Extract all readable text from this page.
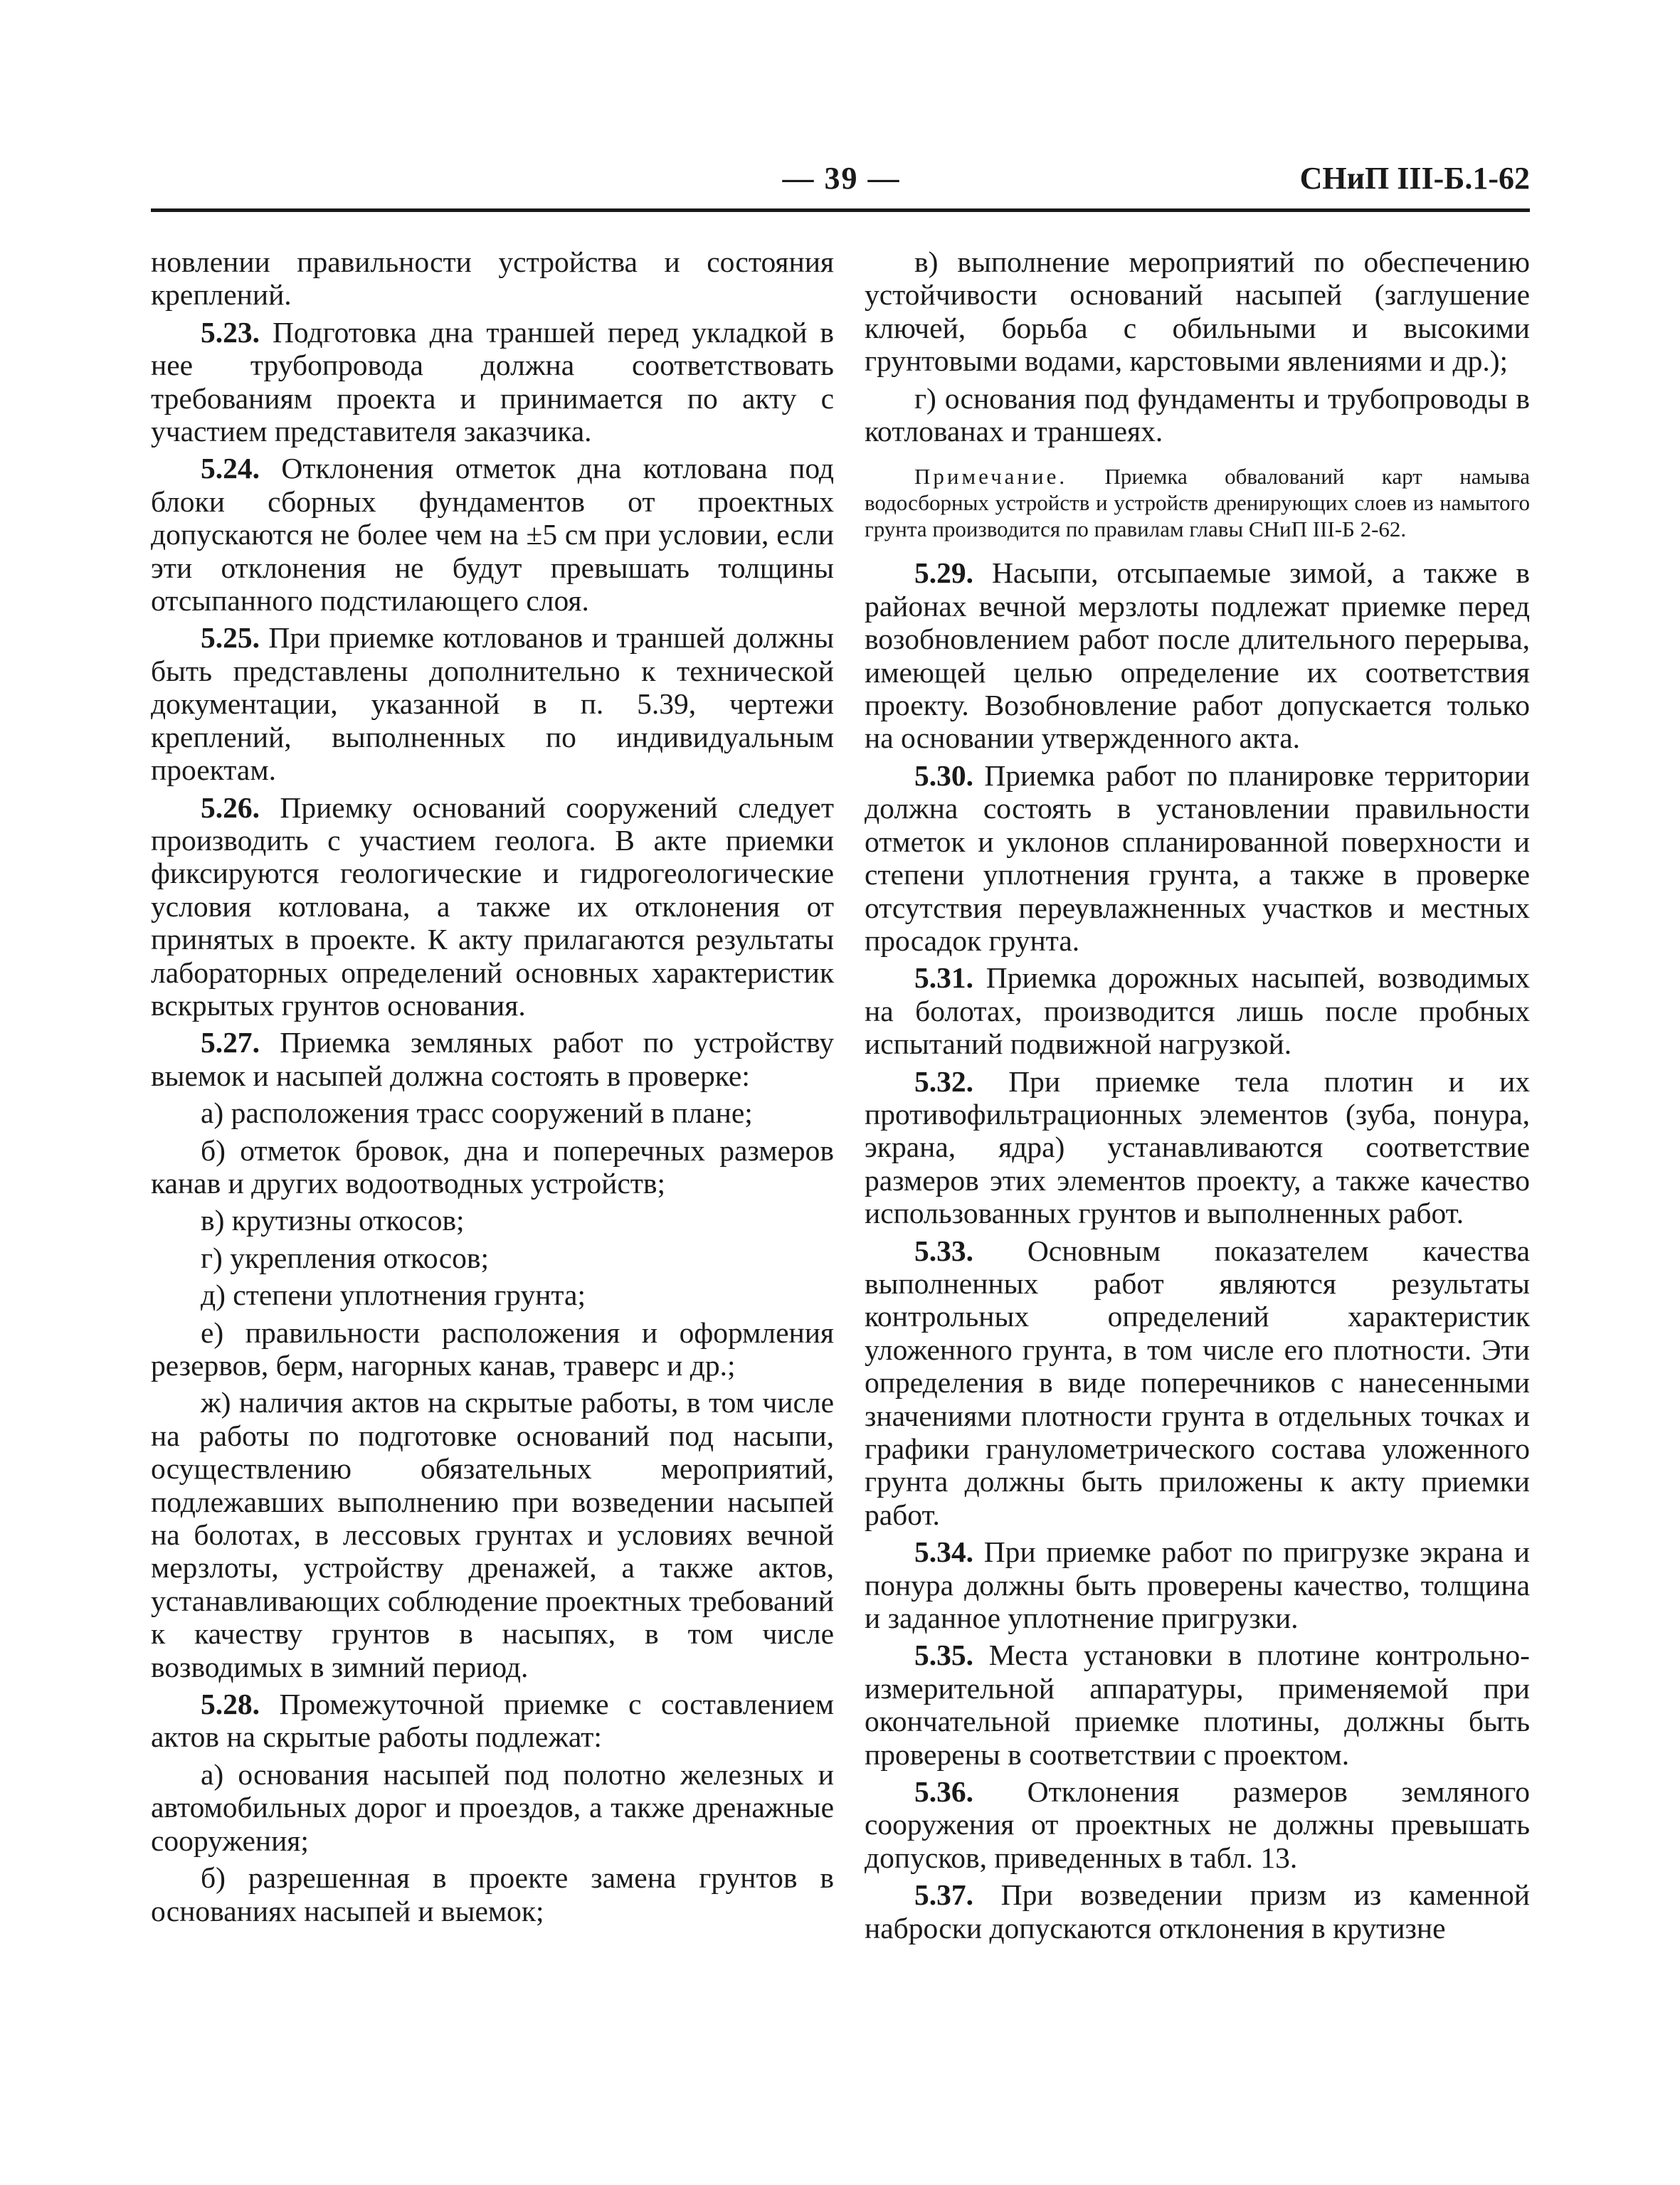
— 39 —	СНиП III-Б.1-62

новлении правильности устройства и состояния креплений.

5.23. Подготовка дна траншей перед укладкой в нее трубопровода должна соответствовать требованиям проекта и принимается по акту с участием представителя заказчика.

5.24. Отклонения отметок дна котлована под блоки сборных фундаментов от проектных допускаются не более чем на ±5 см при условии, если эти отклонения не будут превышать толщины отсыпанного подстилающего слоя.

5.25. При приемке котлованов и траншей должны быть представлены дополнительно к технической документации, указанной в п. 5.39, чертежи креплений, выполненных по индивидуальным проектам.

5.26. Приемку оснований сооружений следует производить с участием геолога. В акте приемки фиксируются геологические и гидрогеологические условия котлована, а также их отклонения от принятых в проекте. К акту прилагаются результаты лабораторных определений основных характеристик вскрытых грунтов основания.

5.27. Приемка земляных работ по устройству выемок и насыпей должна состоять в проверке:

а) расположения трасс сооружений в плане;

б) отметок бровок, дна и поперечных размеров канав и других водоотводных устройств;

в) крутизны откосов;

г) укрепления откосов;

д) степени уплотнения грунта;

е) правильности расположения и оформления резервов, берм, нагорных канав, траверс и др.;

ж) наличия актов на скрытые работы, в том числе на работы по подготовке оснований под насыпи, осуществлению обязательных мероприятий, подлежавших выполнению при возведении насыпей на болотах, в лессовых грунтах и условиях вечной мерзлоты, устройству дренажей, а также актов, устанавливающих соблюдение проектных требований к качеству грунтов в насыпях, в том числе возводимых в зимний период.

5.28. Промежуточной приемке с составлением актов на скрытые работы подлежат:

а) основания насыпей под полотно железных и автомобильных дорог и проездов, а также дренажные сооружения;

б) разрешенная в проекте замена грунтов в основаниях насыпей и выемок;

в) выполнение мероприятий по обеспечению устойчивости оснований насыпей (заглушение ключей, борьба с обильными и высокими грунтовыми водами, карстовыми явлениями и др.);

г) основания под фундаменты и трубопроводы в котлованах и траншеях.

Примечание. Приемка обвалований карт намыва водосборных устройств и устройств дренирующих слоев из намытого грунта производится по правилам главы СНиП III-Б 2-62.

5.29. Насыпи, отсыпаемые зимой, а также в районах вечной мерзлоты подлежат приемке перед возобновлением работ после длительного перерыва, имеющей целью определение их соответствия проекту. Возобновление работ допускается только на основании утвержденного акта.

5.30. Приемка работ по планировке территории должна состоять в установлении правильности отметок и уклонов спланированной поверхности и степени уплотнения грунта, а также в проверке отсутствия переувлажненных участков и местных просадок грунта.

5.31. Приемка дорожных насыпей, возводимых на болотах, производится лишь после пробных испытаний подвижной нагрузкой.

5.32. При приемке тела плотин и их противофильтрационных элементов (зуба, понура, экрана, ядра) устанавливаются соответствие размеров этих элементов проекту, а также качество использованных грунтов и выполненных работ.

5.33. Основным показателем качества выполненных работ являются результаты контрольных определений характеристик уложенного грунта, в том числе его плотности. Эти определения в виде поперечников с нанесенными значениями плотности грунта в отдельных точках и графики гранулометрического состава уложенного грунта должны быть приложены к акту приемки работ.

5.34. При приемке работ по пригрузке экрана и понура должны быть проверены качество, толщина и заданное уплотнение пригрузки.

5.35. Места установки в плотине контрольно-измерительной аппаратуры, применяемой при окончательной приемке плотины, должны быть проверены в соответствии с проектом.

5.36. Отклонения размеров земляного сооружения от проектных не должны превышать допусков, приведенных в табл. 13.

5.37. При возведении призм из каменной наброски допускаются отклонения в крутизне
